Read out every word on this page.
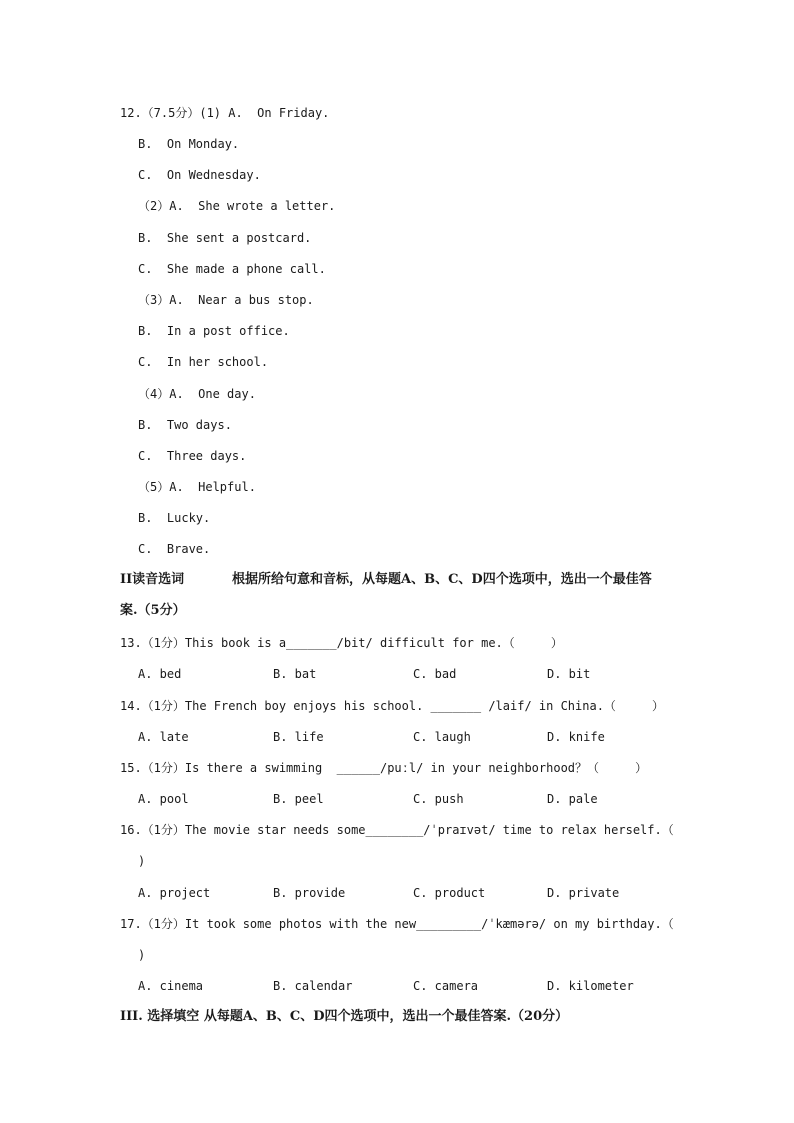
12.（7.5分）(1) A.  On Friday.
B.  On Monday.
C.  On Wednesday.
（2）A.  She wrote a letter.
B.  She sent a postcard.
C.  She made a phone call.
（3）A.  Near a bus stop.
B.  In a post office.
C.  In her school.
（4）A.  One day.
B.  Two days.
C.  Three days.
（5）A.  Helpful.
B.  Lucky.
C.  Brave.
II读音选词	根据所给句意和音标，从每题A、B、C、D四个选项中，选出一个最佳答
案.（5分）
13.（1分）This book is a_______/bit/ difficult for me.（     ）
A. bed	B. bat	C. bad	D. bit
14.（1分）The French boy enjoys his school. _______ /laif/ in China.（     ）
A. late	B. life	C. laugh	D. knife
15.（1分）Is there a swimming  ______/puːl/ in your neighborhood？（     ）
A. pool	B. peel	C. push	D. pale
16.（1分）The movie star needs some________/ˈpraɪvət/ time to relax herself.（
)
A. project	B. provide	C. product	D. private
17.（1分）It took some photos with the new_________/ˈkæmərə/ on my birthday.（
)
A. cinema	B. calendar	C. camera	D. kilometer
III. 选择填空 从每题A、B、C、D四个选项中，选出一个最佳答案.（20分）
